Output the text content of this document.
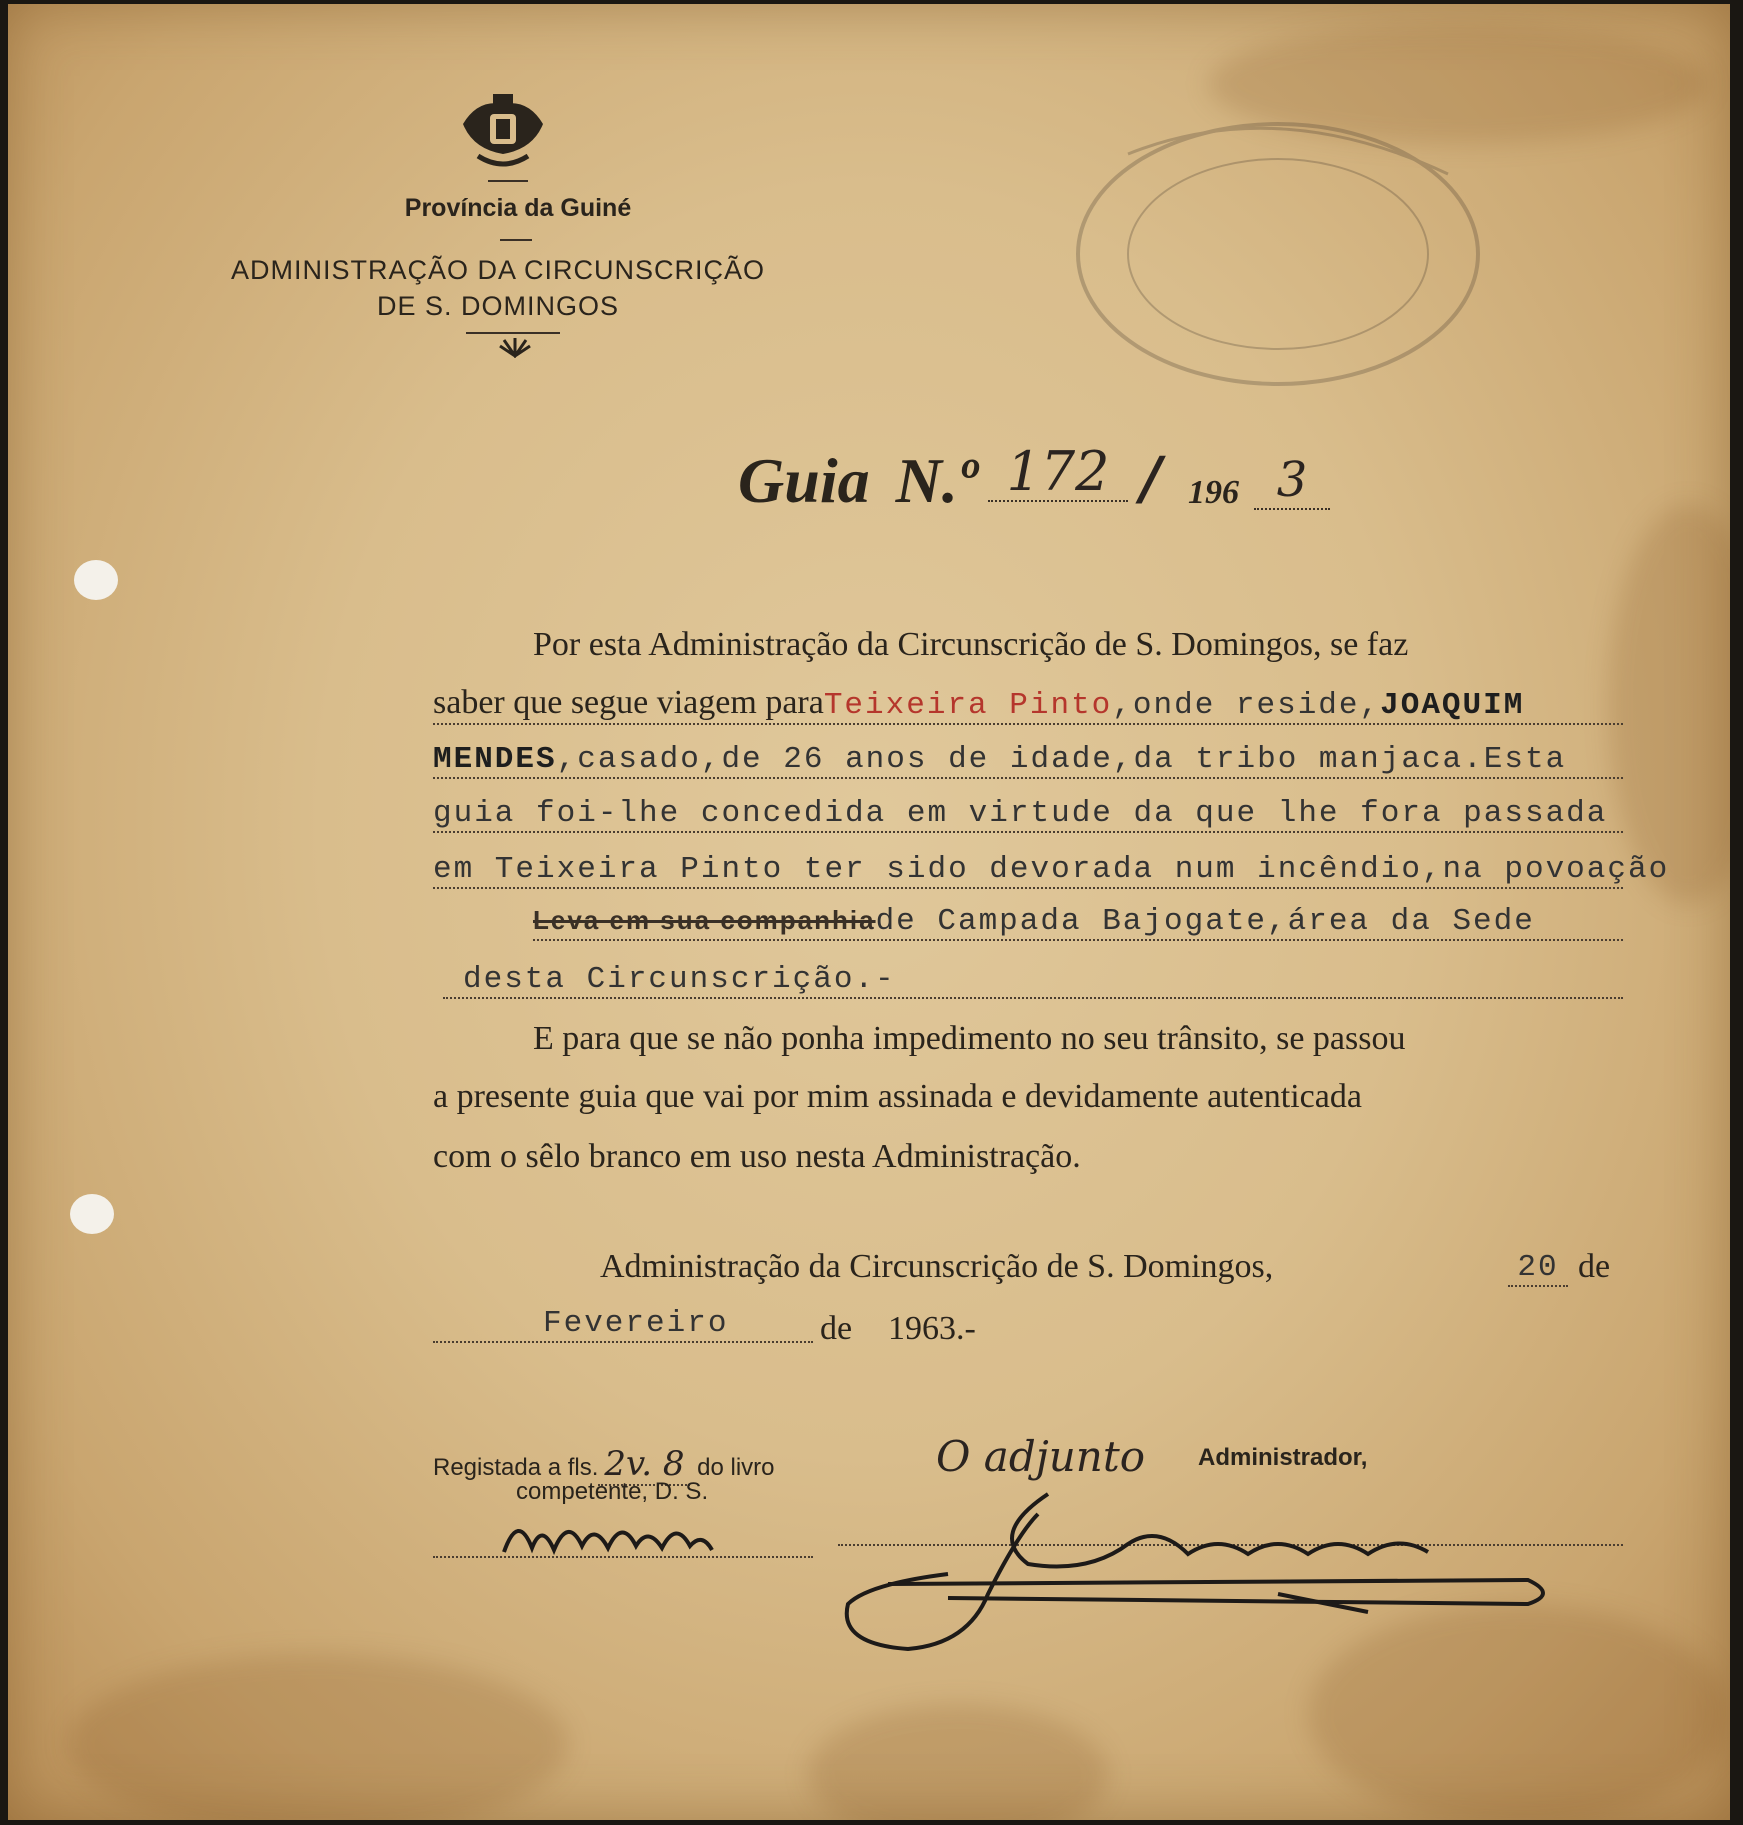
Província da Guiné
ADMINISTRAÇÃO DA CIRCUNSCRIÇÃO
DE S. DOMINGOS
Guia N.º 172 / 196 3
Por esta Administração da Circunscrição de S. Domingos, se faz
saber que segue viagem paraTeixeira Pinto,onde reside,JOAQUIM
MENDES,casado,de 26 anos de idade,da tribo manjaca.Esta
guia foi-lhe concedida em virtude da que lhe fora passada
em Teixeira Pinto ter sido devorada num incêndio,na povoação
Leva em sua companhiade Campada Bajogate,área da Sede
desta Circunscrição.-
E para que se não ponha impedimento no seu trânsito, se passou
a presente guia que vai por mim assinada e devidamente autenticada
com o sêlo branco em uso nesta Administração.
Administração da Circunscrição de S. Domingos,	20 de
Fevereiro	de 1963.-
Registada a fls. 2v. 8 do livro
competente, D. S.
O adjunto Administrador,
